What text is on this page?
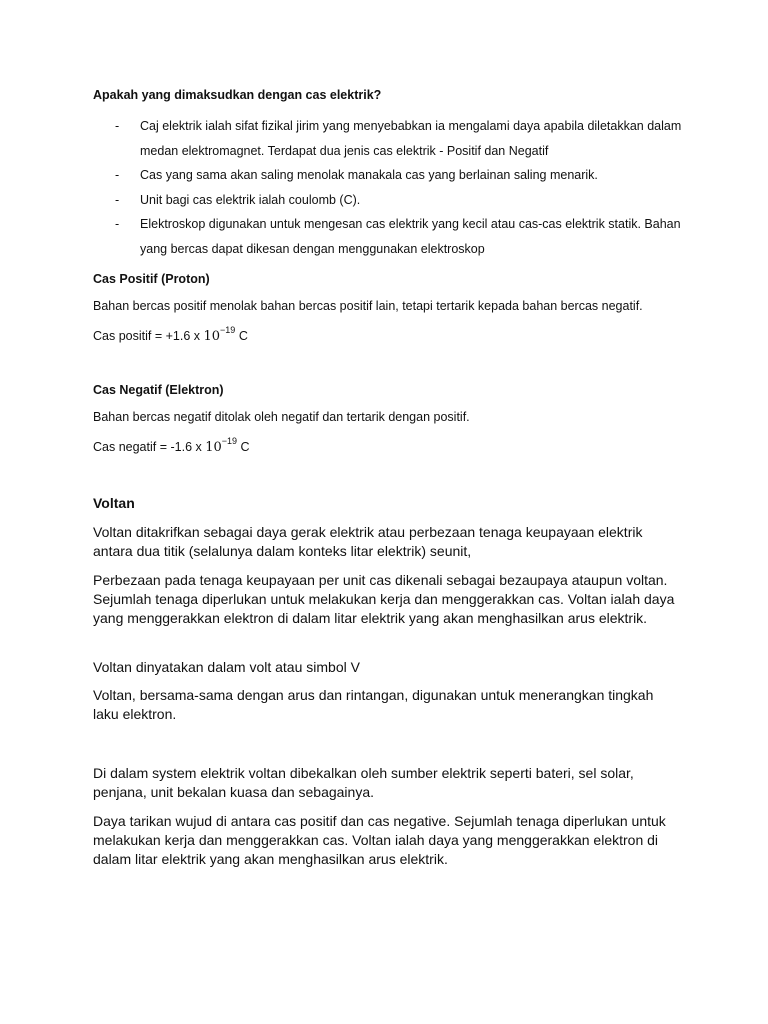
Apakah yang dimaksudkan dengan cas elektrik?
- Caj elektrik ialah sifat fizikal jirim yang menyebabkan ia mengalami daya apabila diletakkan dalam medan elektromagnet. Terdapat dua jenis cas elektrik - Positif dan Negatif
- Cas yang sama akan saling menolak manakala cas yang berlainan saling menarik.
- Unit bagi cas elektrik ialah coulomb (C).
- Elektroskop digunakan untuk mengesan cas elektrik yang kecil atau cas-cas elektrik statik. Bahan yang bercas dapat dikesan dengan menggunakan elektroskop
Cas Positif (Proton)
Bahan bercas positif menolak bahan bercas positif lain, tetapi tertarik kepada bahan bercas negatif.
Cas positif = +1.6 x $10^{-19}$ C
Cas Negatif (Elektron)
Bahan bercas negatif ditolak oleh negatif dan tertarik dengan positif.
Cas negatif = -1.6 x $10^{-19}$ C
Voltan
Voltan ditakrifkan sebagai daya gerak elektrik atau perbezaan tenaga keupayaan elektrik antara dua titik (selalunya dalam konteks litar elektrik) seunit,
Perbezaan pada tenaga keupayaan per unit cas dikenali sebagai bezaupaya ataupun voltan. Sejumlah tenaga diperlukan untuk melakukan kerja dan menggerakkan cas. Voltan ialah daya yang menggerakkan elektron di dalam litar elektrik yang akan menghasilkan arus elektrik.
Voltan dinyatakan dalam volt atau simbol V
Voltan, bersama-sama dengan arus dan rintangan, digunakan untuk menerangkan tingkah laku elektron.
Di dalam system elektrik voltan dibekalkan oleh sumber elektrik seperti bateri, sel solar, penjana, unit bekalan kuasa dan sebagainya.
Daya tarikan wujud di antara cas positif dan cas negative. Sejumlah tenaga diperlukan untuk melakukan kerja dan menggerakkan cas. Voltan ialah daya yang menggerakkan elektron di dalam litar elektrik yang akan menghasilkan arus elektrik.
